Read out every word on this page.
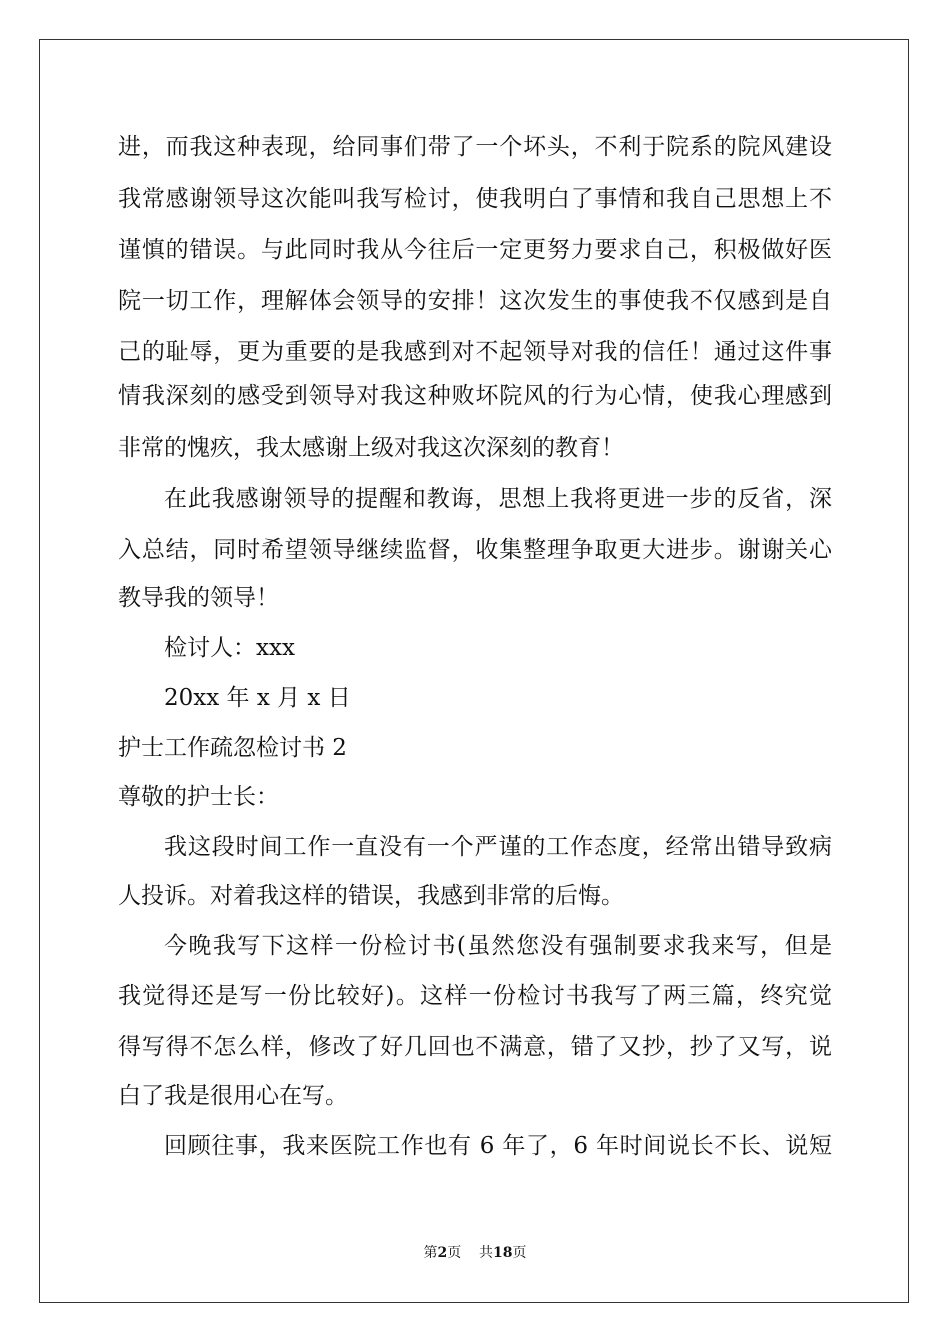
进，而我这种表现，给同事们带了一个坏头，不利于院系的院风建设
我常感谢领导这次能叫我写检讨，使我明白了事情和我自己思想上不
谨慎的错误。与此同时我从今往后一定更努力要求自己，积极做好医
院一切工作，理解体会领导的安排！这次发生的事使我不仅感到是自
己的耻辱，更为重要的是我感到对不起领导对我的信任！通过这件事
情我深刻的感受到领导对我这种败坏院风的行为心情，使我心理感到
非常的愧疚，我太感谢上级对我这次深刻的教育！
在此我感谢领导的提醒和教诲，思想上我将更进一步的反省，深
入总结，同时希望领导继续监督，收集整理争取更大进步。谢谢关心
教导我的领导！
检讨人：xxx
20xx 年 x 月 x 日
护士工作疏忽检讨书 2
尊敬的护士长：
我这段时间工作一直没有一个严谨的工作态度，经常出错导致病
人投诉。对着我这样的错误，我感到非常的后悔。
今晚我写下这样一份检讨书(虽然您没有强制要求我来写，但是
我觉得还是写一份比较好)。这样一份检讨书我写了两三篇，终究觉
得写得不怎么样，修改了好几回也不满意，错了又抄，抄了又写，说
白了我是很用心在写。
回顾往事，我来医院工作也有 6 年了，6 年时间说长不长、说短
第2页 共18页
